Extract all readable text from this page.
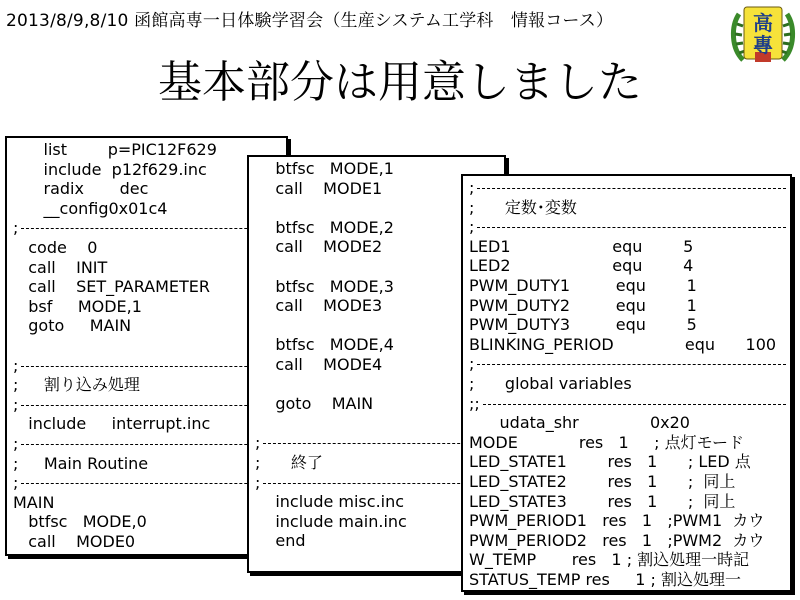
2013/8/9,8/10 函館高専一日体験学習会（生産システム工学科　情報コース）	高
專
基本部分は用意しました
list        p=PIC12F629
include  p12f629.inc
radix       dec
__config0x01c4
;
code    0
call    INIT
call    SET_PARAMETER
bsf     MODE,1
goto     MAIN
;
;     割り込み処理
;
include     interrupt.inc
;
;     Main Routine
;
MAIN
btfsc   MODE,0
call    MODE0
btfsc   MODE,1
call    MODE1
btfsc   MODE,2
call    MODE2
btfsc   MODE,3
call    MODE3
btfsc   MODE,4
call    MODE4
goto    MAIN
;
;      終了
;
include misc.inc
include main.inc
end
;
;      定数･変数
;
LED1                    equ        5
LED2                    equ        4
PWM_DUTY1         equ        1
PWM_DUTY2         equ        1
PWM_DUTY3         equ        5
BLINKING_PERIOD              equ      100
;
;      global variables
;;
udata_shr              0x20
MODE            res   1     ; 点灯モード
LED_STATE1        res   1      ; LED 点
LED_STATE2        res   1      ;  同上
LED_STATE3        res   1      ;  同上
PWM_PERIOD1   res   1   ;PWM1  カウ
PWM_PERIOD2   res   1   ;PWM2  カウ
W_TEMP       res   1 ; 割込処理一時記
STATUS_TEMP res     1 ; 割込処理一
